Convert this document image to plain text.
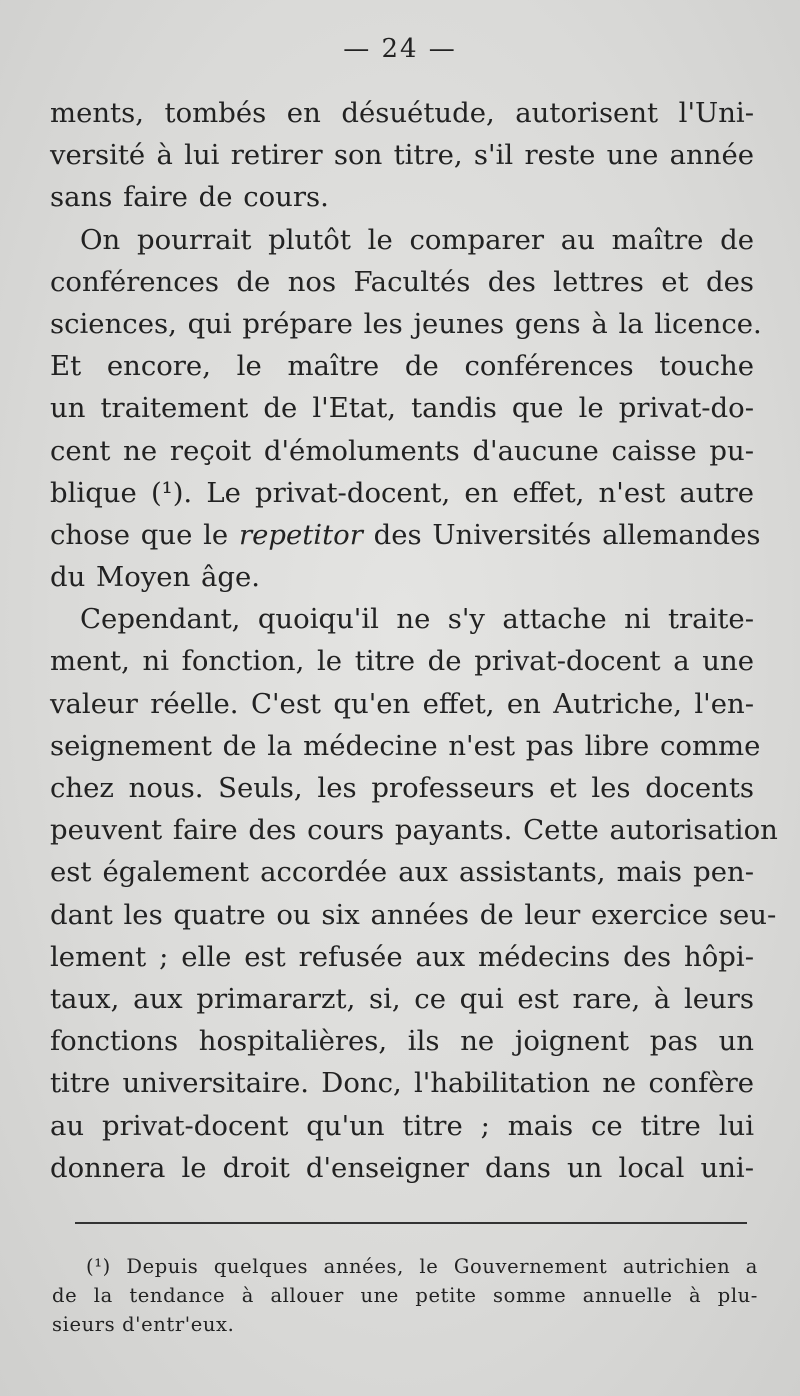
— 24 —
ments, tombés en désuétude, autorisent l'Uni-
versité à lui retirer son titre, s'il reste une année
sans faire de cours.
On pourrait plutôt le comparer au maître de
conférences de nos Facultés des lettres et des
sciences, qui prépare les jeunes gens à la licence.
Et encore, le maître de conférences touche
un traitement de l'Etat, tandis que le privat-do-
cent ne reçoit d'émoluments d'aucune caisse pu-
blique (¹). Le privat-docent, en effet, n'est autre
chose que le repetitor des Universités allemandes
du Moyen âge.
Cependant, quoiqu'il ne s'y attache ni traite-
ment, ni fonction, le titre de privat-docent a une
valeur réelle. C'est qu'en effet, en Autriche, l'en-
seignement de la médecine n'est pas libre comme
chez nous. Seuls, les professeurs et les docents
peuvent faire des cours payants. Cette autorisation
est également accordée aux assistants, mais pen-
dant les quatre ou six années de leur exercice seu-
lement ; elle est refusée aux médecins des hôpi-
taux, aux primararzt, si, ce qui est rare, à leurs
fonctions hospitalières, ils ne joignent pas un
titre universitaire. Donc, l'habilitation ne confère
au privat-docent qu'un titre ; mais ce titre lui
donnera le droit d'enseigner dans un local uni-
(¹) Depuis quelques années, le Gouvernement autrichien a
de la tendance à allouer une petite somme annuelle à plu-
sieurs d'entr'eux.
